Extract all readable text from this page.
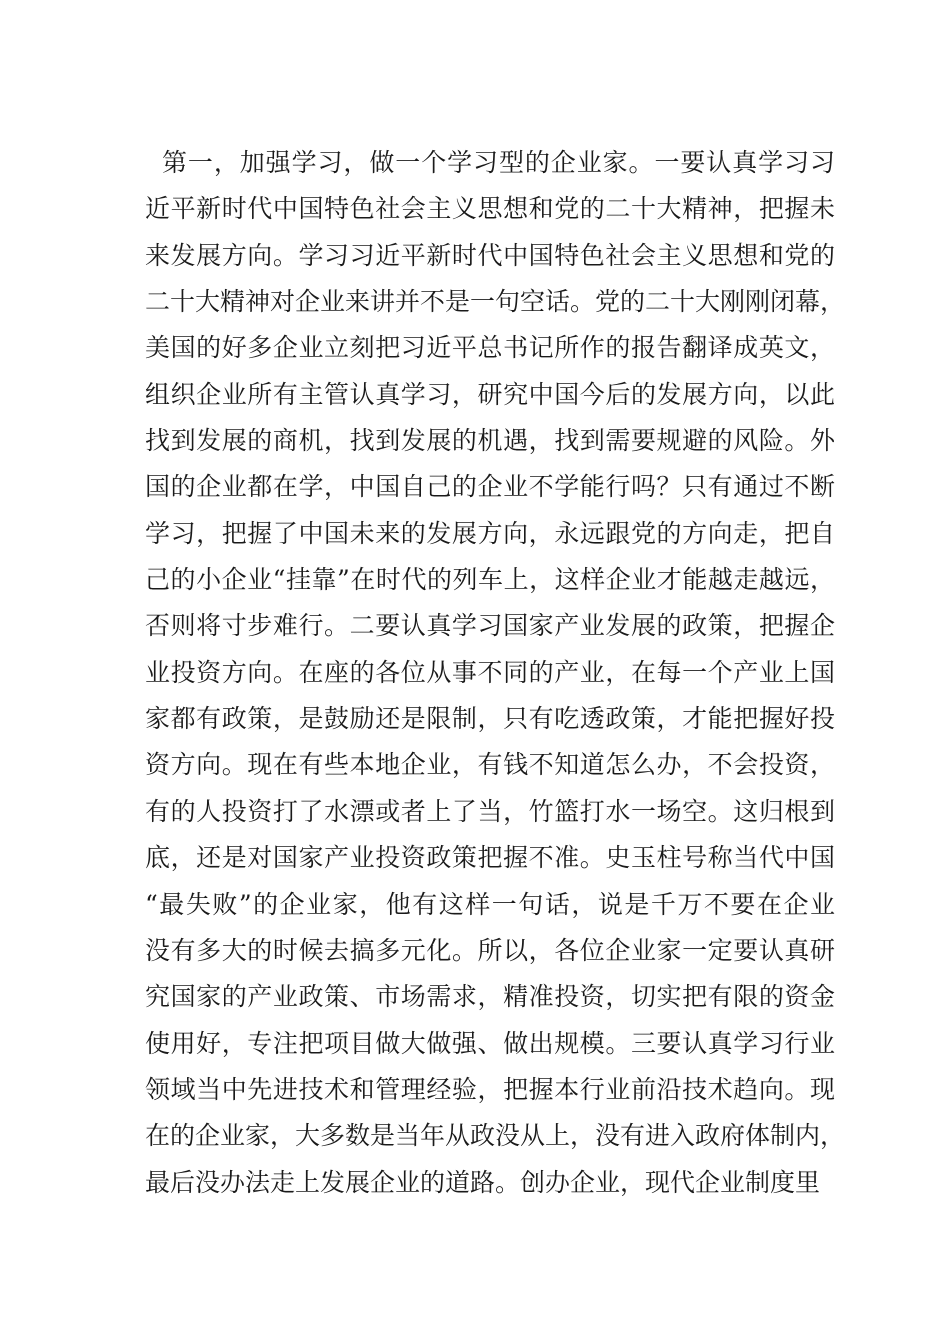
第一，加强学习，做一个学习型的企业家。一要认真学习习
近平新时代中国特色社会主义思想和党的二十大精神，把握未
来发展方向。学习习近平新时代中国特色社会主义思想和党的
二十大精神对企业来讲并不是一句空话。党的二十大刚刚闭幕，
美国的好多企业立刻把习近平总书记所作的报告翻译成英文，
组织企业所有主管认真学习，研究中国今后的发展方向，以此
找到发展的商机，找到发展的机遇，找到需要规避的风险。外
国的企业都在学，中国自己的企业不学能行吗？只有通过不断
学习，把握了中国未来的发展方向，永远跟党的方向走，把自
己的小企业“挂靠”在时代的列车上，这样企业才能越走越远，
否则将寸步难行。二要认真学习国家产业发展的政策，把握企
业投资方向。在座的各位从事不同的产业，在每一个产业上国
家都有政策，是鼓励还是限制，只有吃透政策，才能把握好投
资方向。现在有些本地企业，有钱不知道怎么办，不会投资，
有的人投资打了水漂或者上了当，竹篮打水一场空。这归根到
底，还是对国家产业投资政策把握不准。史玉柱号称当代中国
“最失败”的企业家，他有这样一句话，说是千万不要在企业
没有多大的时候去搞多元化。所以，各位企业家一定要认真研
究国家的产业政策、市场需求，精准投资，切实把有限的资金
使用好，专注把项目做大做强、做出规模。三要认真学习行业
领域当中先进技术和管理经验，把握本行业前沿技术趋向。现
在的企业家，大多数是当年从政没从上，没有进入政府体制内，
最后没办法走上发展企业的道路。创办企业，现代企业制度里
